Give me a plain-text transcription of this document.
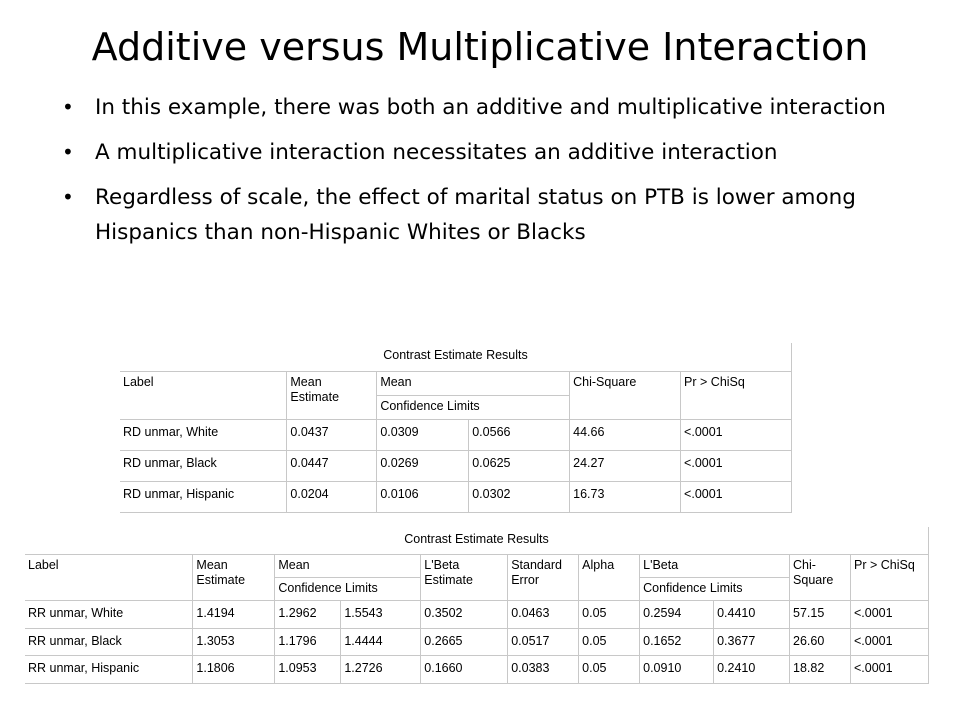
Additive versus Multiplicative Interaction
• In this example, there was both an additive and multiplicative interaction
• A multiplicative interaction necessitates an additive interaction
• Regardless of scale, the effect of marital status on PTB is lower among Hispanics than non-Hispanic Whites or Blacks
Contrast Estimate Results					
Label	Mean Estimate	Mean		Chi-Square	Pr > ChiSq
		Confidence Limits			
RD unmar, White	0.0437	0.0309	0.0566	44.66	<.0001
RD unmar, Black	0.0447	0.0269	0.0625	24.27	<.0001
RD unmar, Hispanic	0.0204	0.0106	0.0302	16.73	<.0001
Contrast Estimate Results										
Label	Mean Estimate	Mean		L'Beta Estimate	Standard Error	Alpha	L'Beta		Chi-Square	Pr > ChiSq
		Confidence Limits					Confidence Limits			
RR unmar, White	1.4194	1.2962	1.5543	0.3502	0.0463	0.05	0.2594	0.4410	57.15	<.0001
RR unmar, Black	1.3053	1.1796	1.4444	0.2665	0.0517	0.05	0.1652	0.3677	26.60	<.0001
RR unmar, Hispanic	1.1806	1.0953	1.2726	0.1660	0.0383	0.05	0.0910	0.2410	18.82	<.0001
